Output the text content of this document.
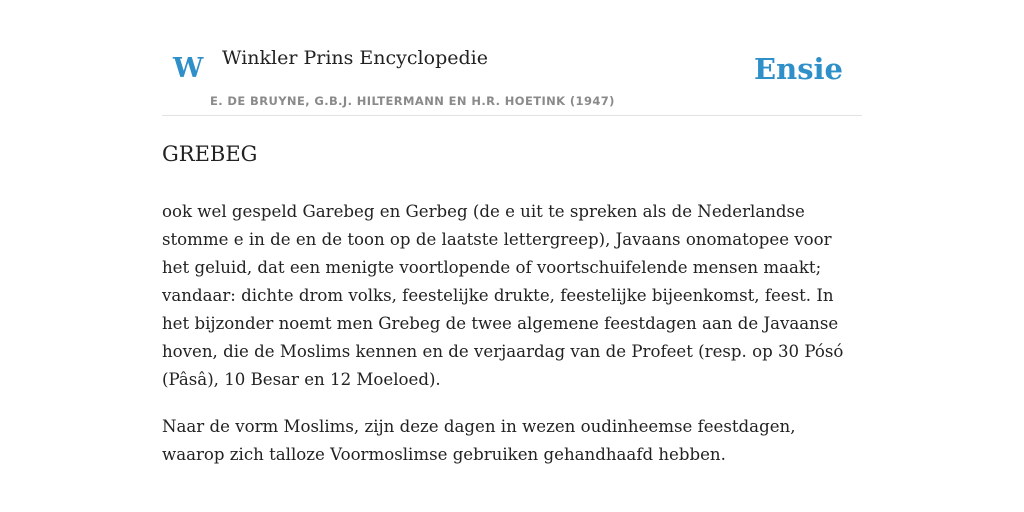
W Winkler Prins Encyclopedie
E. DE BRUYNE, G.B.J. HILTERMANN EN H.R. HOETINK (1947)
Ensie
GREBEG

ook wel gespeld Garebeg en Gerbeg (de e uit te spreken als de Nederlandse stomme e in de en de toon op de laatste lettergreep), Javaans onomatopee voor het geluid, dat een menigte voortlopende of voortschuifelende mensen maakt; vandaar: dichte drom volks, feestelijke drukte, feestelijke bijeenkomst, feest. In het bijzonder noemt men Grebeg de twee algemene feestdagen aan de Javaanse hoven, die de Moslims kennen en de verjaardag van de Profeet (resp. op 30 Pósó (Pâsâ), 10 Besar en 12 Moeloed).

Naar de vorm Moslims, zijn deze dagen in wezen oudinheemse feestdagen, waarop zich talloze Voormoslimse gebruiken gehandhaafd hebben.
